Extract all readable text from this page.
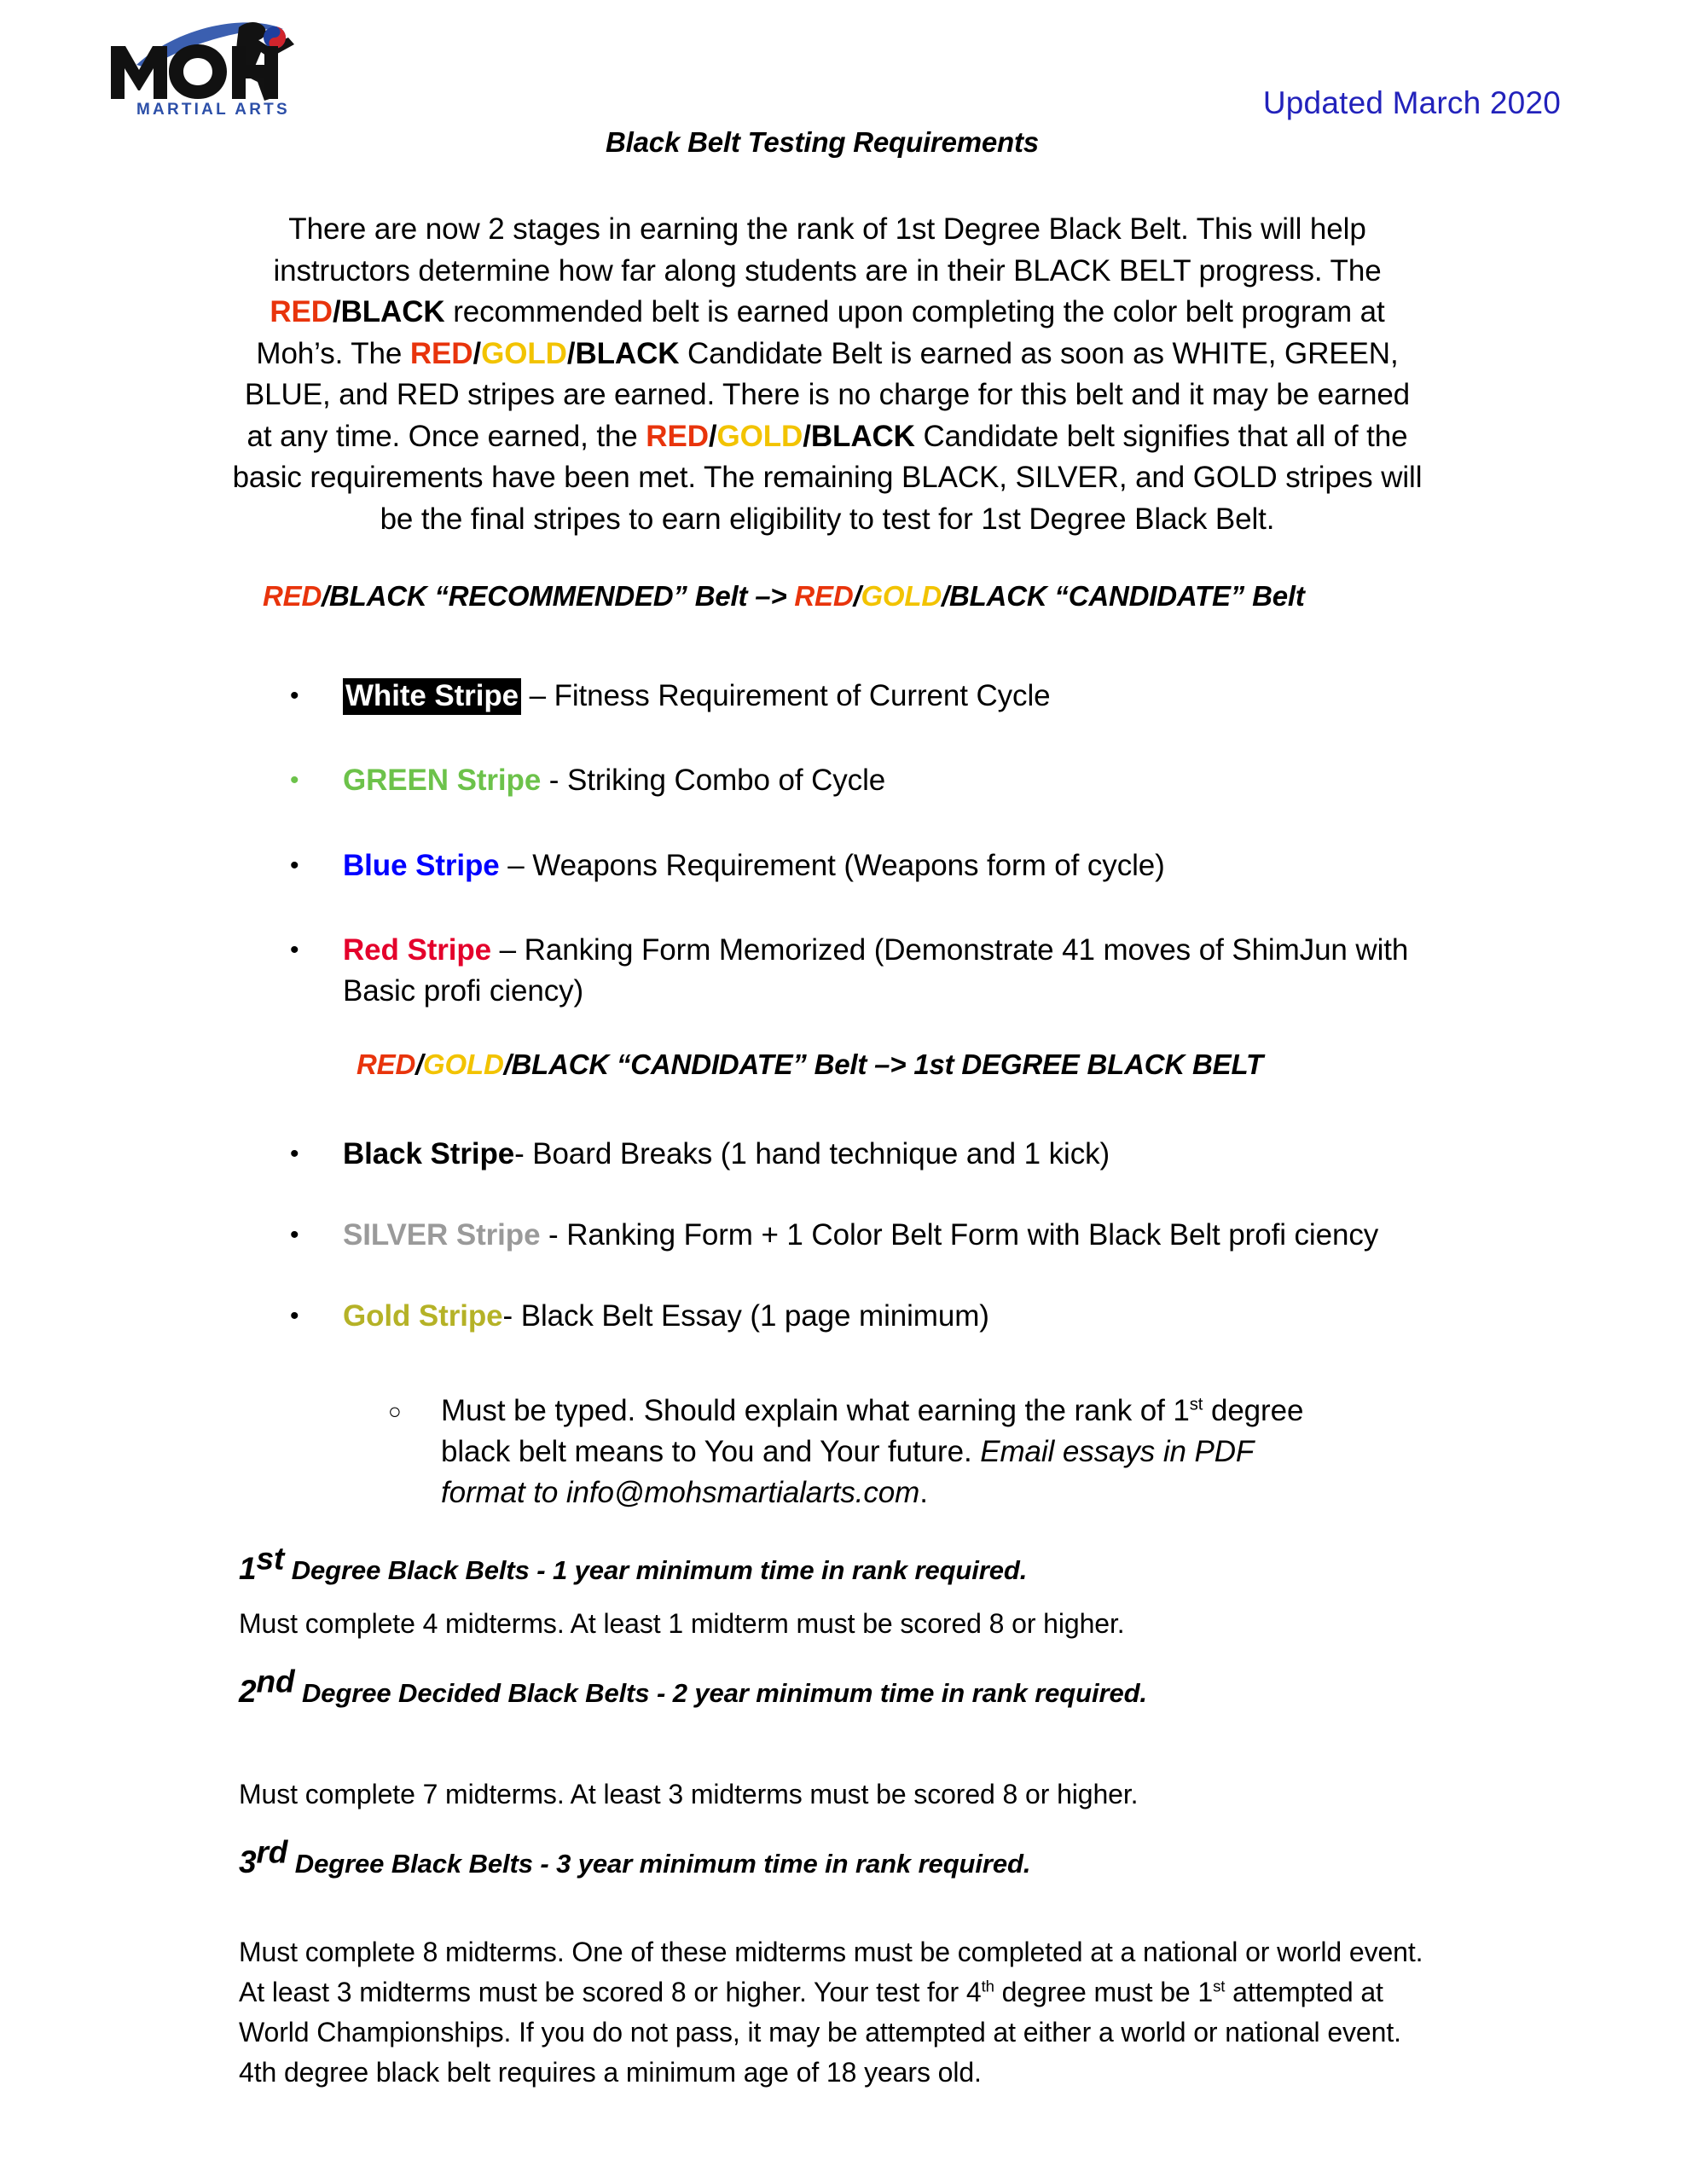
MARTIAL ARTS	Updated March 2020
Black Belt Testing Requirements
There are now 2 stages in earning the rank of 1st Degree Black Belt. This will help instructors determine how far along students are in their BLACK BELT progress. The RED/BLACK recommended belt is earned upon completing the color belt program at Moh’s. The RED/GOLD/BLACK Candidate Belt is earned as soon as WHITE, GREEN, BLUE, and RED stripes are earned. There is no charge for this belt and it may be earned at any time. Once earned, the RED/GOLD/BLACK Candidate belt signifies that all of the basic requirements have been met. The remaining BLACK, SILVER, and GOLD stripes will be the final stripes to earn eligibility to test for 1st Degree Black Belt.
RED/BLACK “RECOMMENDED” Belt –> RED/GOLD/BLACK “CANDIDATE” Belt
•	White Stripe – Fitness Requirement of Current Cycle
•	GREEN Stripe - Striking Combo of Cycle
•	Blue Stripe – Weapons Requirement (Weapons form of cycle)
•	Red Stripe – Ranking Form Memorized (Demonstrate 41 moves of ShimJun with Basic profi ciency)
RED/GOLD/BLACK “CANDIDATE” Belt –> 1st DEGREE BLACK BELT
•	Black Stripe- Board Breaks (1 hand technique and 1 kick)
•	SILVER Stripe - Ranking Form + 1 Color Belt Form with Black Belt profi ciency
•	Gold Stripe- Black Belt Essay (1 page minimum)
○ Must be typed. Should explain what earning the rank of 1st degree black belt means to You and Your future. Email essays in PDF format to info@mohsmartialarts.com.
1st Degree Black Belts - 1 year minimum time in rank required.
Must complete 4 midterms. At least 1 midterm must be scored 8 or higher.
2nd Degree Decided Black Belts - 2 year minimum time in rank required.
Must complete 7 midterms. At least 3 midterms must be scored 8 or higher.
3rd Degree Black Belts - 3 year minimum time in rank required.
Must complete 8 midterms. One of these midterms must be completed at a national or world event. At least 3 midterms must be scored 8 or higher. Your test for 4th degree must be 1st attempted at World Championships. If you do not pass, it may be attempted at either a world or national event. 4th degree black belt requires a minimum age of 18 years old.
